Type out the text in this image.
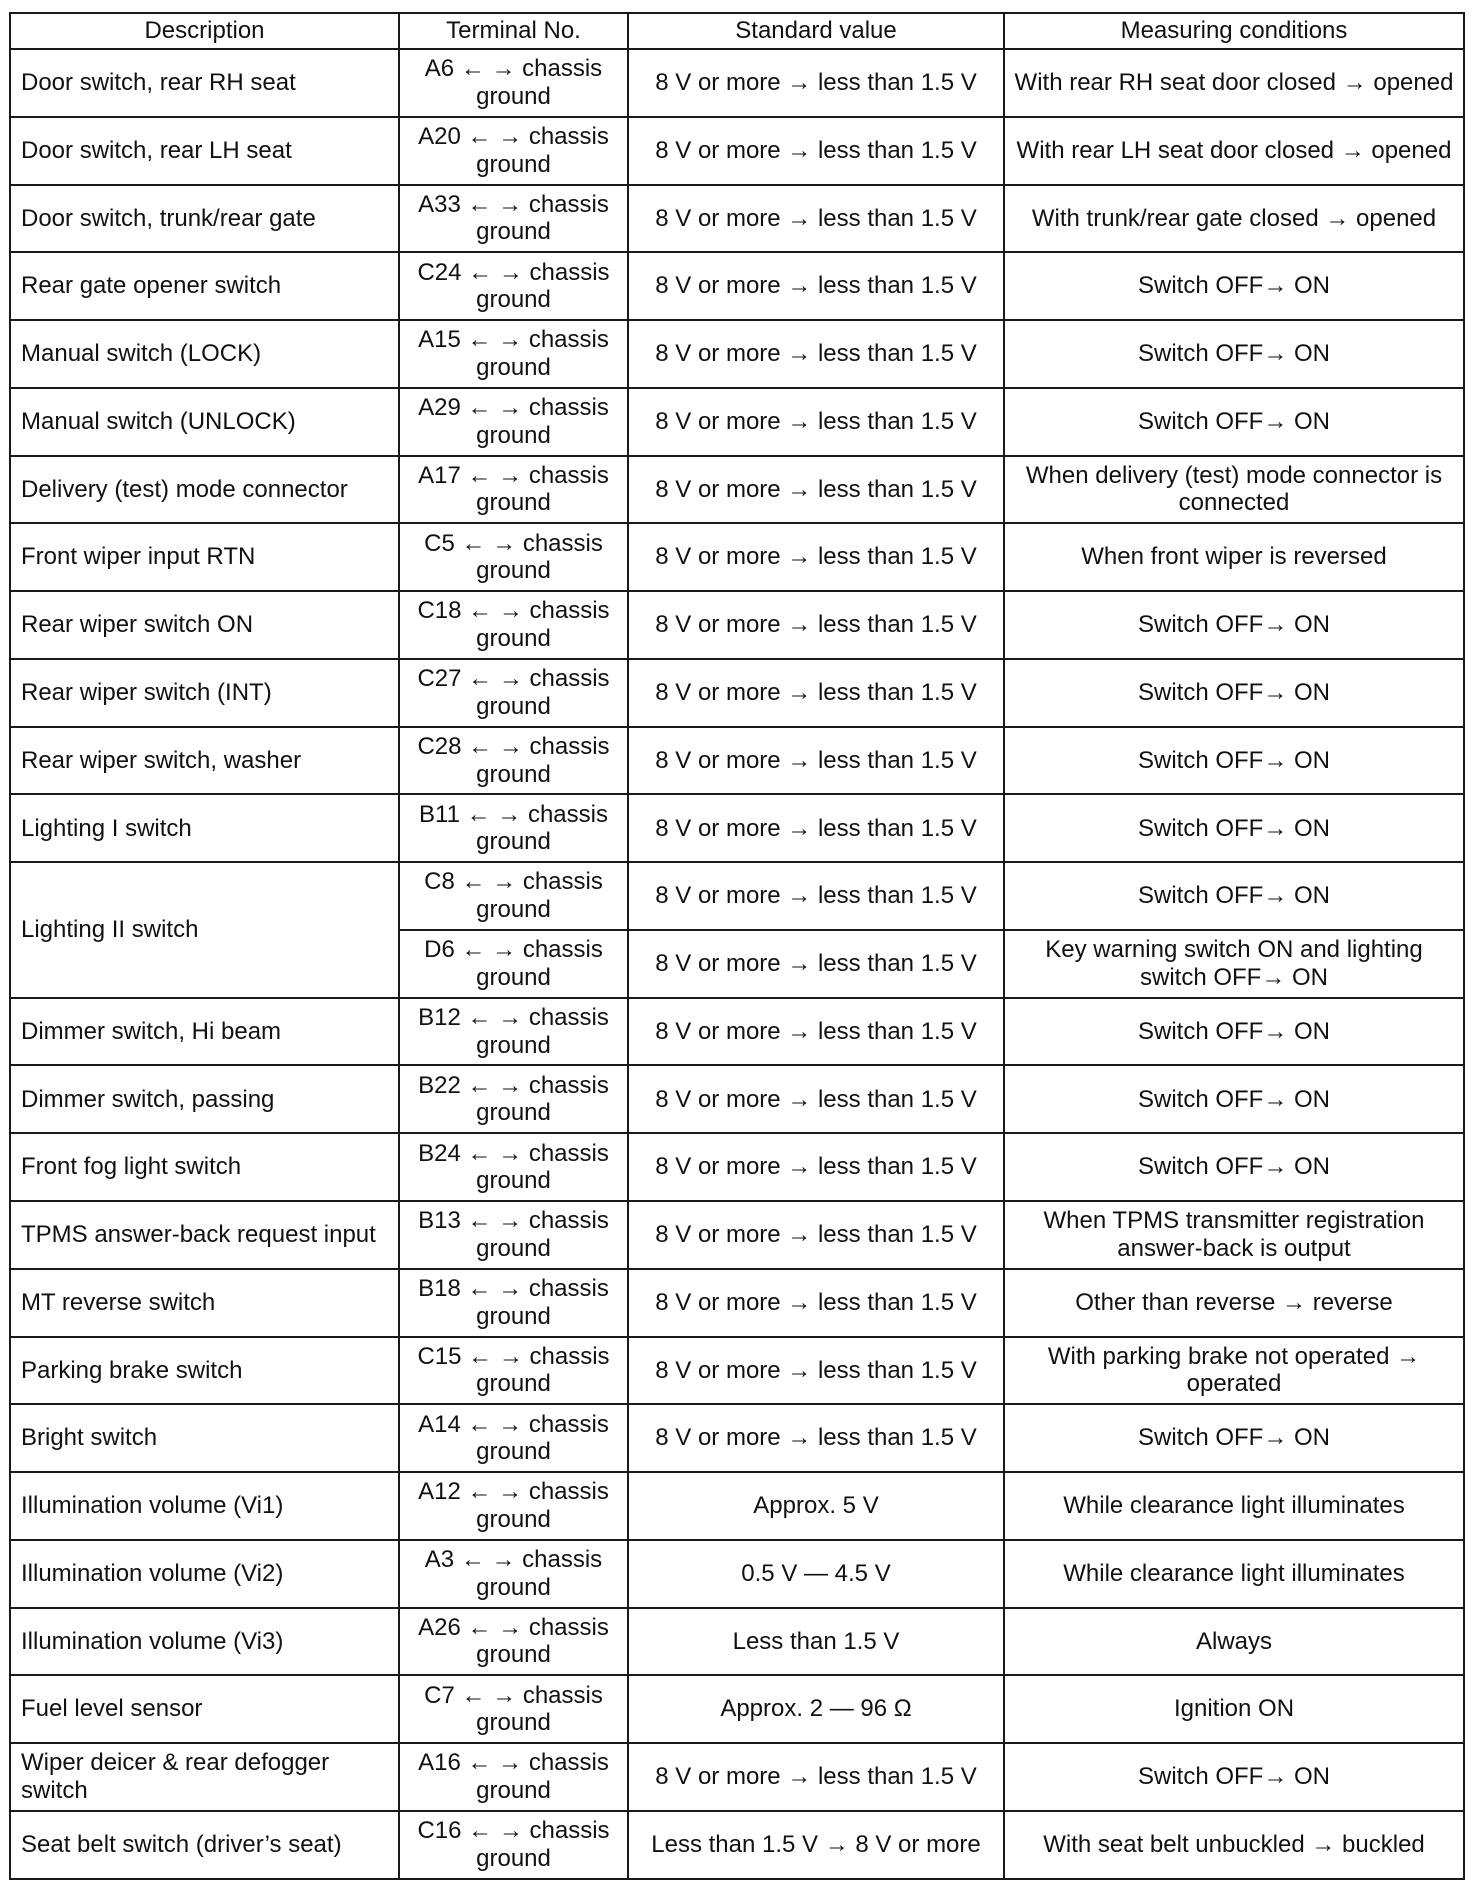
Description	Terminal No.	Standard value	Measuring conditions
Door switch, rear RH seat	A6 ← → chassis ground	8 V or more → less than 1.5 V	With rear RH seat door closed → opened
Door switch, rear LH seat	A20 ← → chassis ground	8 V or more → less than 1.5 V	With rear LH seat door closed → opened
Door switch, trunk/rear gate	A33 ← → chassis ground	8 V or more → less than 1.5 V	With trunk/rear gate closed → opened
Rear gate opener switch	C24 ← → chassis ground	8 V or more → less than 1.5 V	Switch OFF→ ON
Manual switch (LOCK)	A15 ← → chassis ground	8 V or more → less than 1.5 V	Switch OFF→ ON
Manual switch (UNLOCK)	A29 ← → chassis ground	8 V or more → less than 1.5 V	Switch OFF→ ON
Delivery (test) mode connector	A17 ← → chassis ground	8 V or more → less than 1.5 V	When delivery (test) mode connector is connected
Front wiper input RTN	C5 ← → chassis ground	8 V or more → less than 1.5 V	When front wiper is reversed
Rear wiper switch ON	C18 ← → chassis ground	8 V or more → less than 1.5 V	Switch OFF→ ON
Rear wiper switch (INT)	C27 ← → chassis ground	8 V or more → less than 1.5 V	Switch OFF→ ON
Rear wiper switch, washer	C28 ← → chassis ground	8 V or more → less than 1.5 V	Switch OFF→ ON
Lighting I switch	B11 ← → chassis ground	8 V or more → less than 1.5 V	Switch OFF→ ON
Lighting II switch	C8 ← → chassis ground	8 V or more → less than 1.5 V	Switch OFF→ ON
	D6 ← → chassis ground	8 V or more → less than 1.5 V	Key warning switch ON and lighting switch OFF→ ON
Dimmer switch, Hi beam	B12 ← → chassis ground	8 V or more → less than 1.5 V	Switch OFF→ ON
Dimmer switch, passing	B22 ← → chassis ground	8 V or more → less than 1.5 V	Switch OFF→ ON
Front fog light switch	B24 ← → chassis ground	8 V or more → less than 1.5 V	Switch OFF→ ON
TPMS answer-back request input	B13 ← → chassis ground	8 V or more → less than 1.5 V	When TPMS transmitter registration answer-back is output
MT reverse switch	B18 ← → chassis ground	8 V or more → less than 1.5 V	Other than reverse → reverse
Parking brake switch	C15 ← → chassis ground	8 V or more → less than 1.5 V	With parking brake not operated → operated
Bright switch	A14 ← → chassis ground	8 V or more → less than 1.5 V	Switch OFF→ ON
Illumination volume (Vi1)	A12 ← → chassis ground	Approx. 5 V	While clearance light illuminates
Illumination volume (Vi2)	A3 ← → chassis ground	0.5 V — 4.5 V	While clearance light illuminates
Illumination volume (Vi3)	A26 ← → chassis ground	Less than 1.5 V	Always
Fuel level sensor	C7 ← → chassis ground	Approx. 2 — 96 Ω	Ignition ON
Wiper deicer & rear defogger switch	A16 ← → chassis ground	8 V or more → less than 1.5 V	Switch OFF→ ON
Seat belt switch (driver’s seat)	C16 ← → chassis ground	Less than 1.5 V → 8 V or more	With seat belt unbuckled → buckled
